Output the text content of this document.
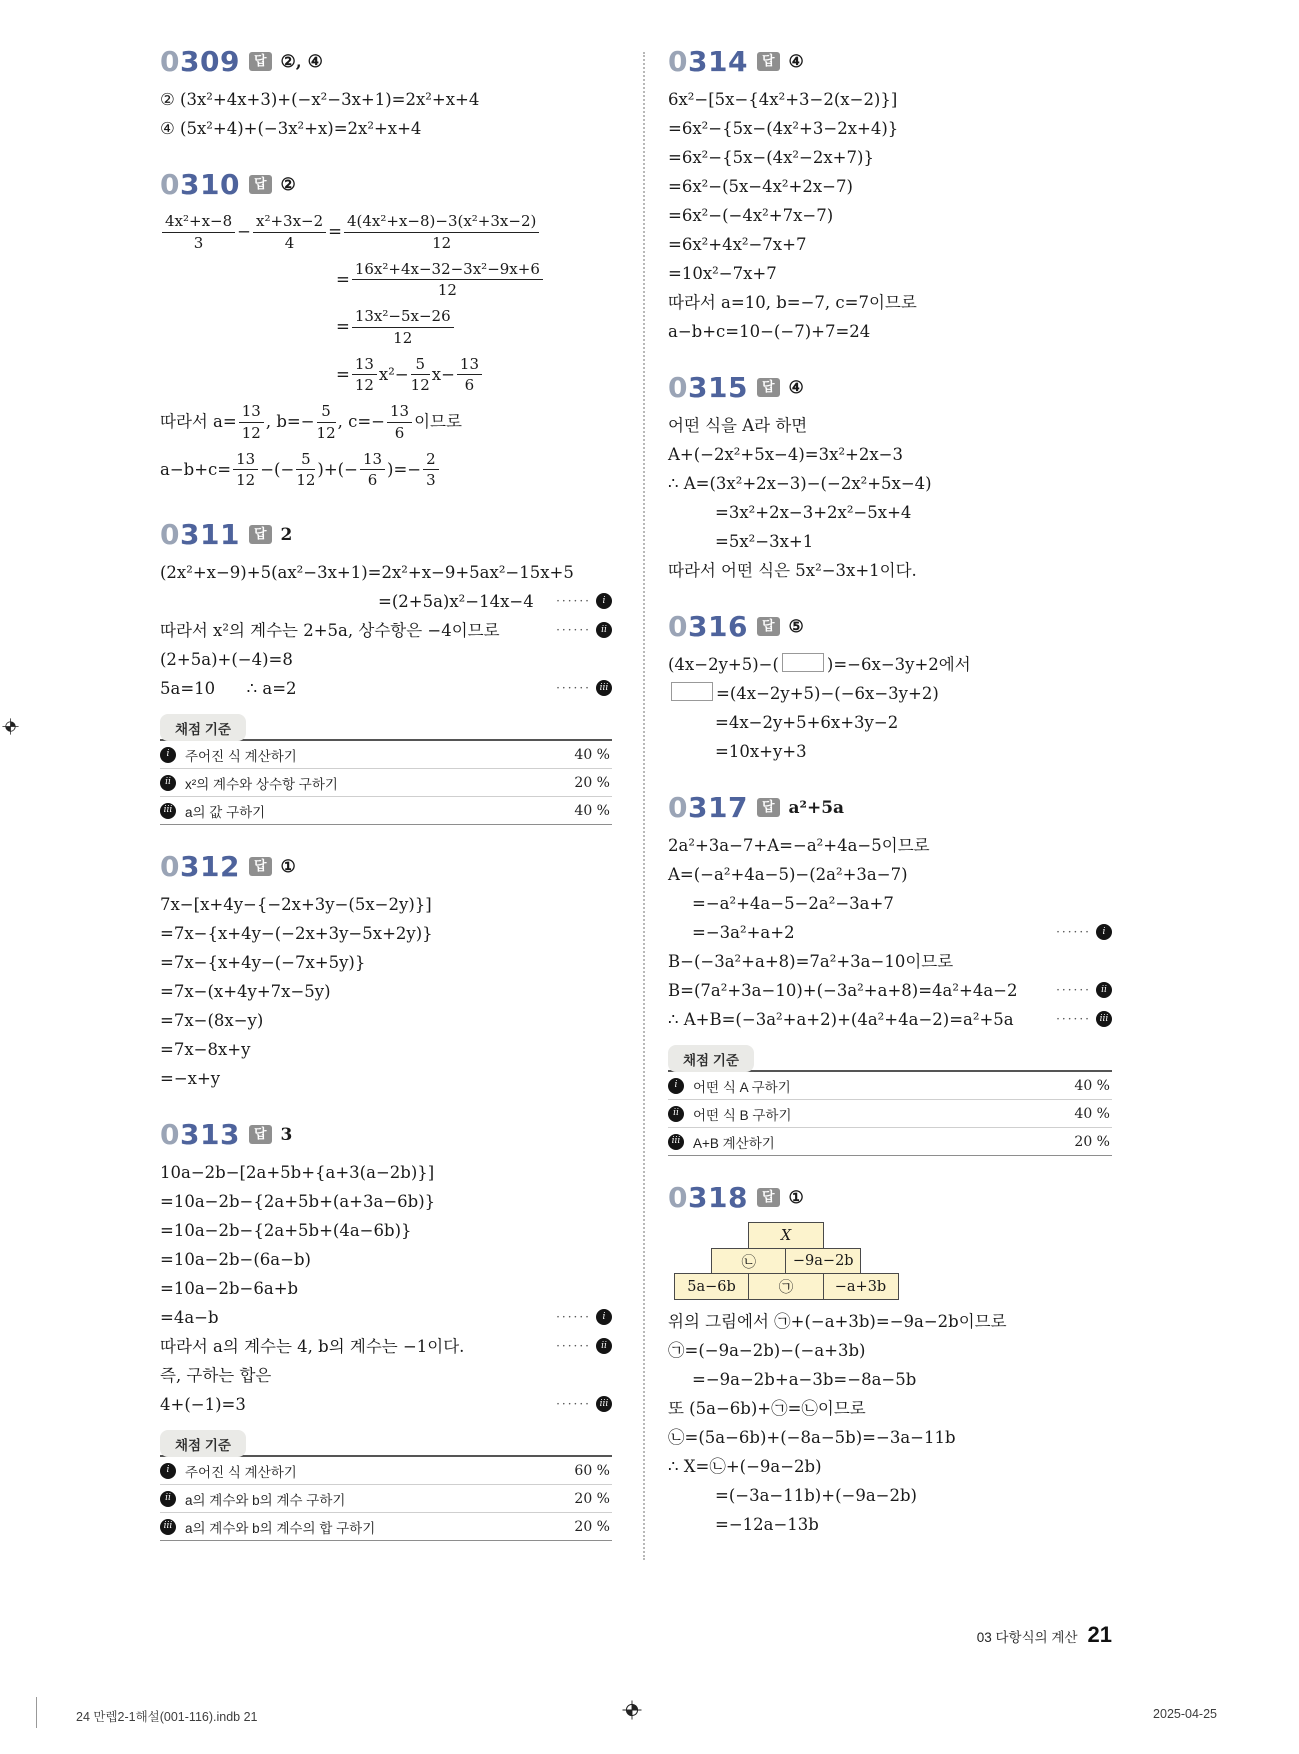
0309	답 ②, ④
② (3x²+4x+3)+(−x²−3x+1)=2x²+x+4
④ (5x²+4)+(−3x²+x)=2x²+x+4
0310	답 ②
$\frac{\text{4x²+x−8}}{3} - \frac{\text{x²+3x−2}}{4} = \frac{\text{4(4x²+x−8)−3(x²+3x−2)}}{12}$
= $\frac{\text{16x²+4x−32−3x²−9x+6}}{12}$
= $\frac{\text{13x²−5x−26}}{12}$
= $\frac{13}{12} x^2- \frac{5}{12} x- \frac{13}{6}$
따라서 $a= \frac{13}{12}$ , $b=- \frac{5}{12}$ , $c=- \frac{13}{6}$ 이므로
$a-b+c= \frac{13}{12}$ −(− $\frac{5}{12}$ )+(− $\frac{13}{6}$ )=− $\frac{2}{3}$
0311	답 2
(2x²+x−9)+5(ax²−3x+1)=2x²+x−9+5ax²−15x+5
=(2+5a)x²−14x−4 ······	i
따라서 x²의 계수는 2+5a, 상수항은 −4이므로	······	ii
(2+5a)+(−4)=8
5a=10      ∴ a=2	······ iii
채점 기준
i	주어진 식 계산하기	40 %
ii	x²의 계수와 상수항 구하기	20 %
iii a의 값 구하기	40 %
0312	답 ①
7x−[x+4y−{−2x+3y−(5x−2y)}]
=7x−{x+4y−(−2x+3y−5x+2y)}
=7x−{x+4y−(−7x+5y)}
=7x−(x+4y+7x−5y)
=7x−(8x−y)
=7x−8x+y
=−x+y
0313	답 3
10a−2b−[2a+5b+{a+3(a−2b)}]
=10a−2b−{2a+5b+(a+3a−6b)}
=10a−2b−{2a+5b+(4a−6b)}
=10a−2b−(6a−b)
=10a−2b−6a+b
=4a−b	······	i
따라서 a의 계수는 4, b의 계수는 −1이다.	······	ii
즉, 구하는 합은
4+(−1)=3	······ iii
채점 기준
i	주어진 식 계산하기	60 %
ii	a의 계수와 b의 계수 구하기	20 %
iii a의 계수와 b의 계수의 합 구하기	20 %
0314	답 ④
6x²−[5x−{4x²+3−2(x−2)}]
=6x²−{5x−(4x²+3−2x+4)}
=6x²−{5x−(4x²−2x+7)}
=6x²−(5x−4x²+2x−7)
=6x²−(−4x²+7x−7)
=6x²+4x²−7x+7
=10x²−7x+7
따라서 a=10, b=−7, c=7이므로
a−b+c=10−(−7)+7=24
0315	답 ④
어떤 식을 A라 하면
A+(−2x²+5x−4)=3x²+2x−3
∴ A=(3x²+2x−3)−(−2x²+5x−4)
=3x²+2x−3+2x²−5x+4
=5x²−3x+1
따라서 어떤 식은 5x²−3x+1이다.
0316	답 ⑤
(4x−2y+5)−(	)=−6x−3y+2에서
=(4x−2y+5)−(−6x−3y+2)
=4x−2y+5+6x+3y−2
=10x+y+3
0317	답 a²+5a
2a²+3a−7+A=−a²+4a−5이므로
A=(−a²+4a−5)−(2a²+3a−7)
=−a²+4a−5−2a²−3a+7
=−3a²+a+2	······	i
B−(−3a²+a+8)=7a²+3a−10이므로
B=(7a²+3a−10)+(−3a²+a+8)=4a²+4a−2	······	ii
∴ A+B=(−3a²+a+2)+(4a²+4a−2)=a²+5a	······ iii
채점 기준
i	어떤 식 A 구하기	40 %
ii	어떤 식 B 구하기	40 %
iii A+B 계산하기	20 %
0318	답 ①
X
㉡	−9a−2b
5a−6b	㉠	−a+3b
위의 그림에서 ㉠+(−a+3b)=−9a−2b이므로
㉠=(−9a−2b)−(−a+3b)
=−9a−2b+a−3b=−8a−5b
또 (5a−6b)+㉠=㉡이므로
㉡=(5a−6b)+(−8a−5b)=−3a−11b
∴ X=㉡+(−9a−2b)
=(−3a−11b)+(−9a−2b)
=−12a−13b
03 다항식의 계산 21
24 만렙2-1해설(001-116).indb 21	2025-04-25
